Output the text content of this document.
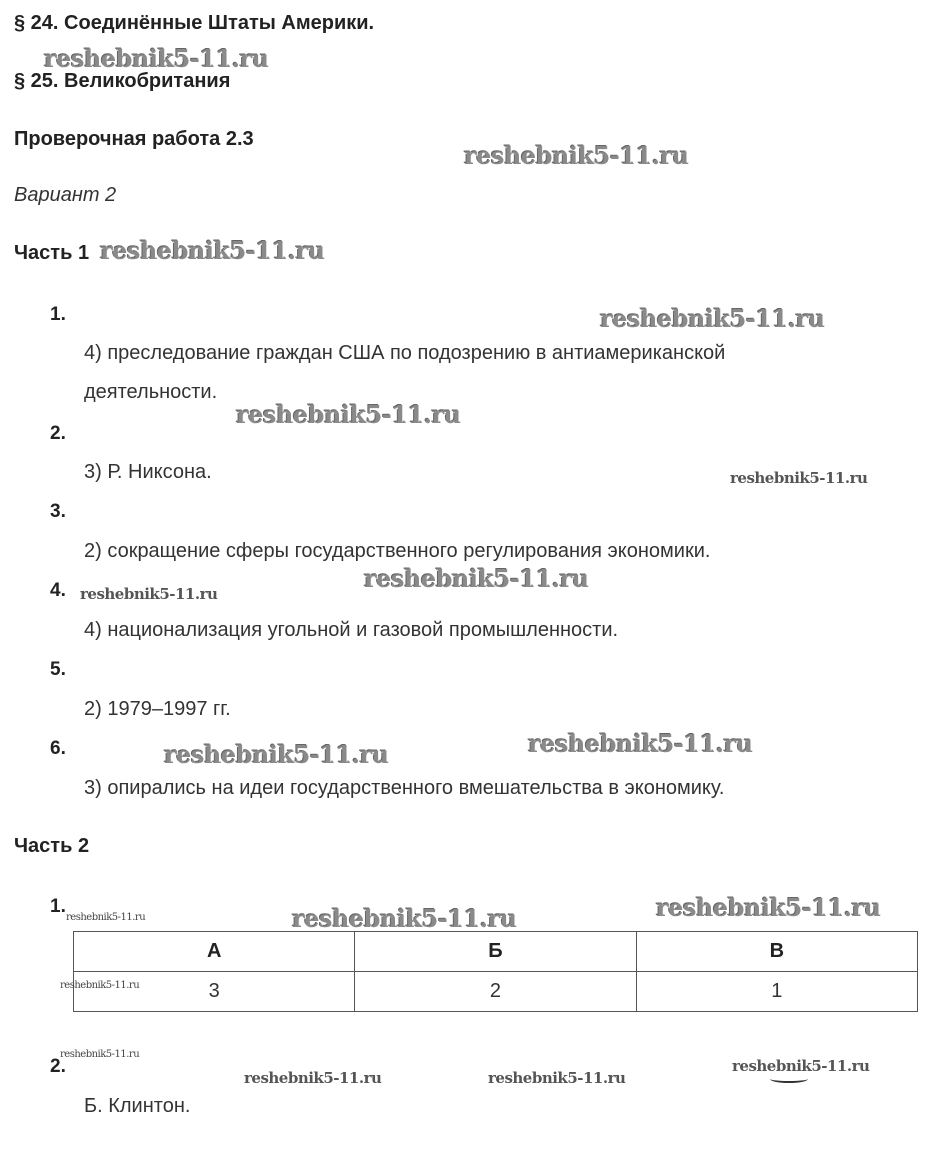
§ 24. Соединённые Штаты Америки.
§ 25. Великобритания
Проверочная работа 2.3
Вариант 2
Часть 1
1.
4) преследование граждан США по подозрению в антиамериканской
деятельности.
2.
3) Р. Никсона.
3.
2) сокращение сферы государственного регулирования экономики.
4.
4) национализация угольной и газовой промышленности.
5.
2) 1979–1997 гг.
6.
3) опирались на идеи государственного вмешательства в экономику.
Часть 2
1.
А	Б	В
3	2	1
2.
Б. Клинтон.
reshebnik5-11.ru
reshebnik5-11.ru
reshebnik5-11.ru
reshebnik5-11.ru
reshebnik5-11.ru
reshebnik5-11.ru
reshebnik5-11.ru
reshebnik5-11.ru
reshebnik5-11.ru
reshebnik5-11.ru
reshebnik5-11.ru
reshebnik5-11.ru
reshebnik5-11.ru
reshebnik5-11.ru
reshebnik5-11.ru
reshebnik5-11.ru	reshebnik5-11.ru
reshebnik5-11.ru
